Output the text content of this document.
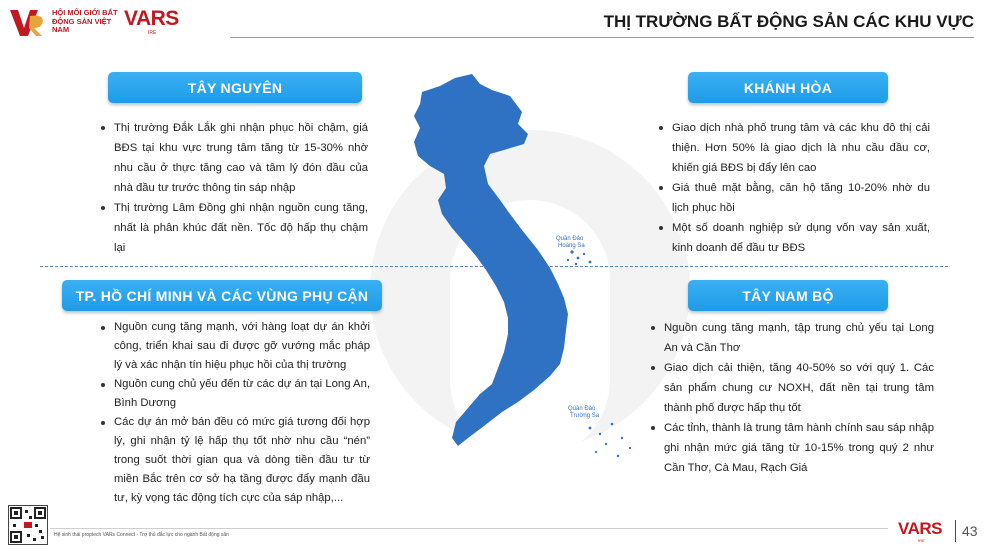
HỘI MÔI GIỚI BẤT ĐỘNG SẢN VIỆT NAM	VARS
IRE
THỊ TRƯỜNG BẤT ĐỘNG SẢN CÁC KHU VỰC
TÂY NGUYÊN	KHÁNH HÒA
TP. HỒ CHÍ MINH VÀ CÁC VÙNG PHỤ CẬN	TÂY NAM BỘ
Thị trường Đắk Lắk ghi nhận phục hồi chậm, giá BĐS tại khu vực trung tâm tăng từ 15-30% nhờ nhu cầu ở thực tăng cao và tâm lý đón đầu của nhà đầu tư trước thông tin sáp nhập
Thị trường Lâm Đồng ghi nhận nguồn cung tăng, nhất là phân khúc đất nền. Tốc độ hấp thụ chậm lại
Giao dịch nhà phố trung tâm và các khu đô thị cải thiện. Hơn 50% là giao dịch là nhu cầu đầu cơ, khiến giá BĐS bị đẩy lên cao
Giá thuê mặt bằng, căn hộ tăng 10-20% nhờ du lịch phục hồi
Một số doanh nghiệp sử dụng vốn vay sản xuất, kinh doanh để đầu tư BĐS
Nguồn cung tăng mạnh, với hàng loạt dự án khởi công, triển khai sau đi được gỡ vướng mắc pháp lý và xác nhận tín hiệu phục hồi của thị trường
Nguồn cung chủ yếu đến từ các dự án tại Long An, Bình Dương
Các dự án mở bán đều có mức giá tương đối hợp lý, ghi nhận tỷ lệ hấp thụ tốt nhờ nhu cầu “nén” trong suốt thời gian qua và dòng tiền đầu tư từ miền Bắc trên cơ sở hạ tầng được đẩy mạnh đầu tư, kỳ vọng tác động tích cực của sáp nhập,...
Nguồn cung tăng mạnh, tập trung chủ yếu tại Long An và Cần Thơ
Giao dịch cải thiện, tăng 40-50% so với quý 1. Các sản phẩm chung cư NOXH, đất nền tại trung tâm thành phố được hấp thụ tốt
Các tỉnh, thành là trung tâm hành chính sau sáp nhập ghi nhận mức giá tăng từ 10-15% trong quý 2 như Cần Thơ, Cà Mau, Rạch Giá
Quần Đảo Hoàng Sa
Quần Đảo Trường Sa
Hệ sinh thái proptech VARs Connect - Trợ thủ đắc lực cho ngành Bất động sản	VARS
IRE
43
